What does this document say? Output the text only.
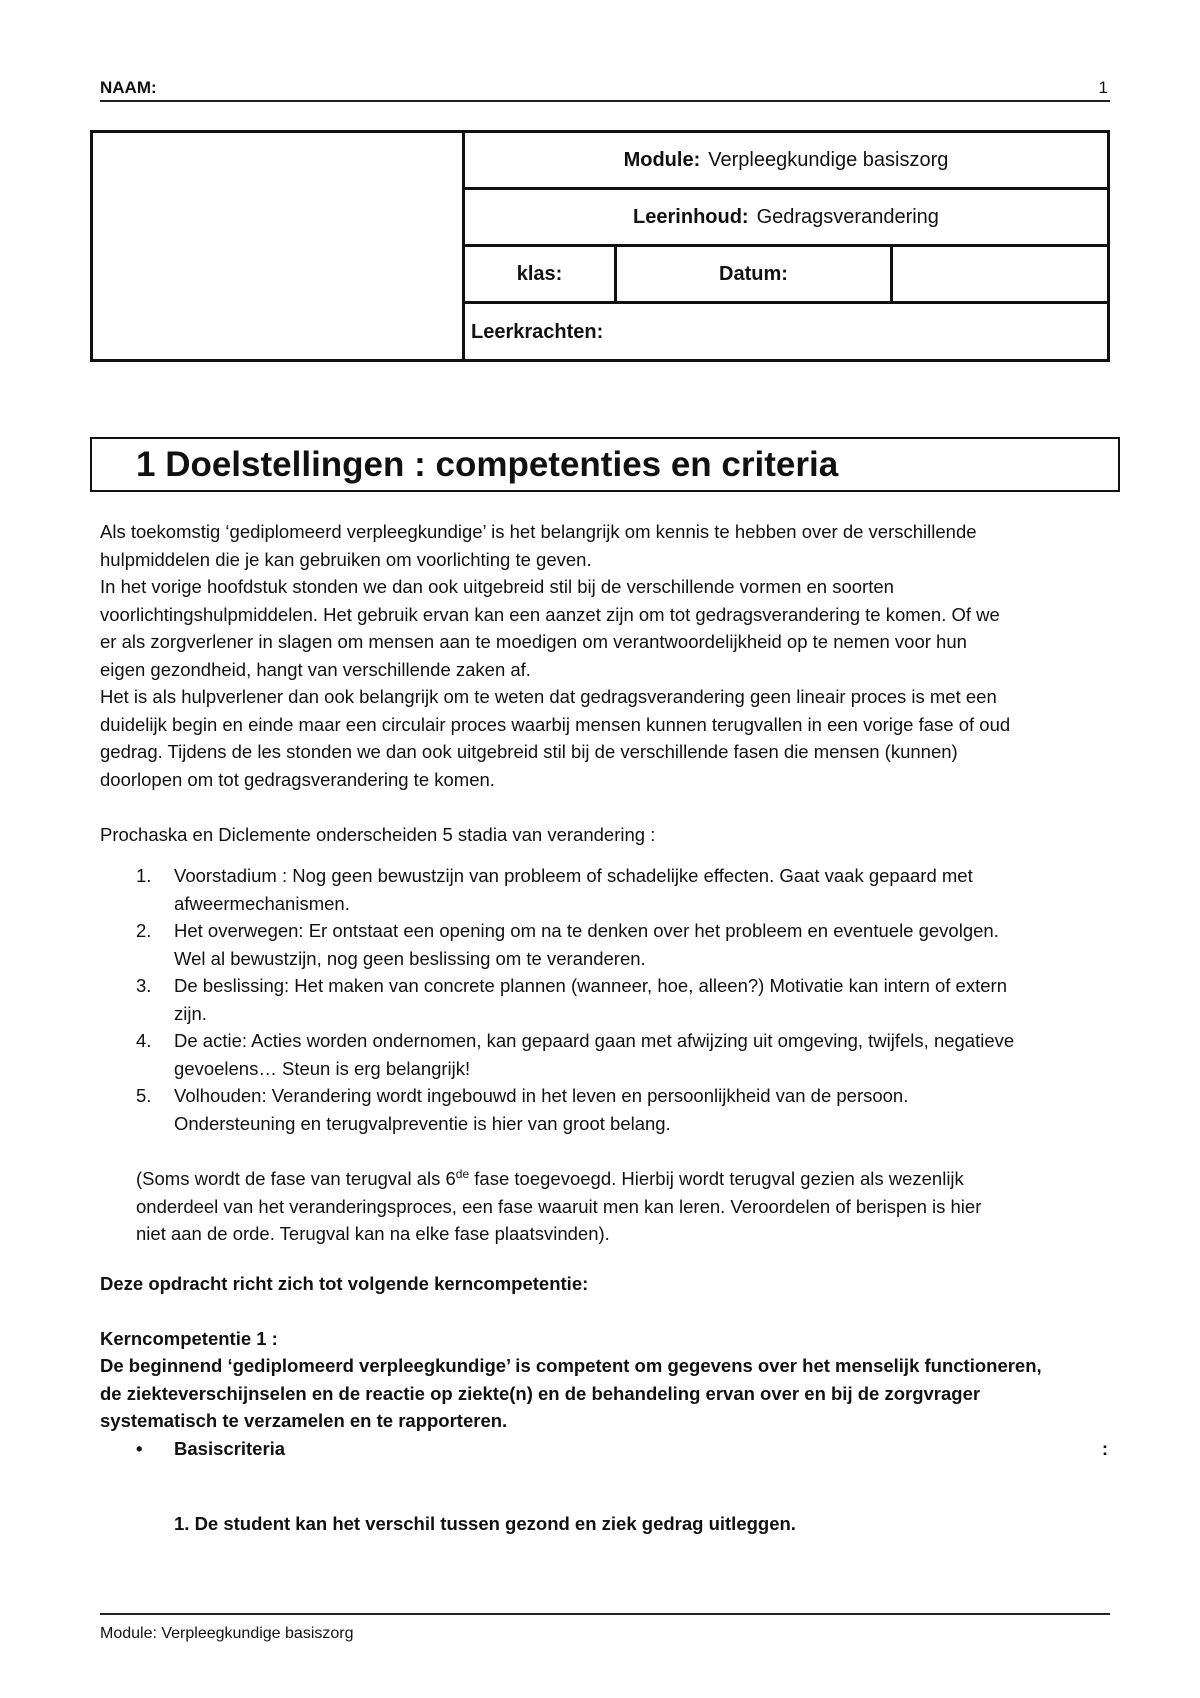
NAAM:	1
Module: Verpleegkundige basiszorg
Leerinhoud: Gedragsverandering
klas:	Datum:
Leerkrachten:
1 Doelstellingen : competenties en criteria

Als toekomstig ‘gediplomeerd verpleegkundige’ is het belangrijk om kennis te hebben over de verschillende

hulpmiddelen die je kan gebruiken om voorlichting te geven.

In het vorige hoofdstuk stonden we dan ook uitgebreid stil bij de verschillende vormen en soorten

voorlichtingshulpmiddelen. Het gebruik ervan kan een aanzet zijn om tot gedragsverandering te komen. Of we

er als zorgverlener in slagen om mensen aan te moedigen om verantwoordelijkheid op te nemen voor hun

eigen gezondheid, hangt van verschillende zaken af.

Het is als hulpverlener dan ook belangrijk om te weten dat gedragsverandering geen lineair proces is met een

duidelijk begin en einde maar een circulair proces waarbij mensen kunnen terugvallen in een vorige fase of oud

gedrag. Tijdens de les stonden we dan ook uitgebreid stil bij de verschillende fasen die mensen (kunnen)

doorlopen om tot gedragsverandering te komen.

Prochaska en Diclemente onderscheiden 5 stadia van verandering :

1. Voorstadium : Nog geen bewustzijn van probleem of schadelijke effecten. Gaat vaak gepaard met

afweermechanismen.

2. Het overwegen: Er ontstaat een opening om na te denken over het probleem en eventuele gevolgen.

Wel al bewustzijn, nog geen beslissing om te veranderen.

3. De beslissing: Het maken van concrete plannen (wanneer, hoe, alleen?) Motivatie kan intern of extern

zijn.

4. De actie: Acties worden ondernomen, kan gepaard gaan met afwijzing uit omgeving, twijfels, negatieve

gevoelens… Steun is erg belangrijk!

5. Volhouden: Verandering wordt ingebouwd in het leven en persoonlijkheid van de persoon.

Ondersteuning en terugvalpreventie is hier van groot belang.

(Soms wordt de fase van terugval als 6de fase toegevoegd. Hierbij wordt terugval gezien als wezenlijk

onderdeel van het veranderingsproces, een fase waaruit men kan leren. Veroordelen of berispen is hier

niet aan de orde. Terugval kan na elke fase plaatsvinden).

Deze opdracht richt zich tot volgende kerncompetentie:

Kerncompetentie 1 :

De beginnend ‘gediplomeerd verpleegkundige’ is competent om gegevens over het menselijk functioneren,

de ziekteverschijnselen en de reactie op ziekte(n) en de behandeling ervan over en bij de zorgvrager

systematisch te verzamelen en te rapporteren.

• Basiscriteria	:

1. De student kan het verschil tussen gezond en ziek gedrag uitleggen.

Module: Verpleegkundige basiszorg
